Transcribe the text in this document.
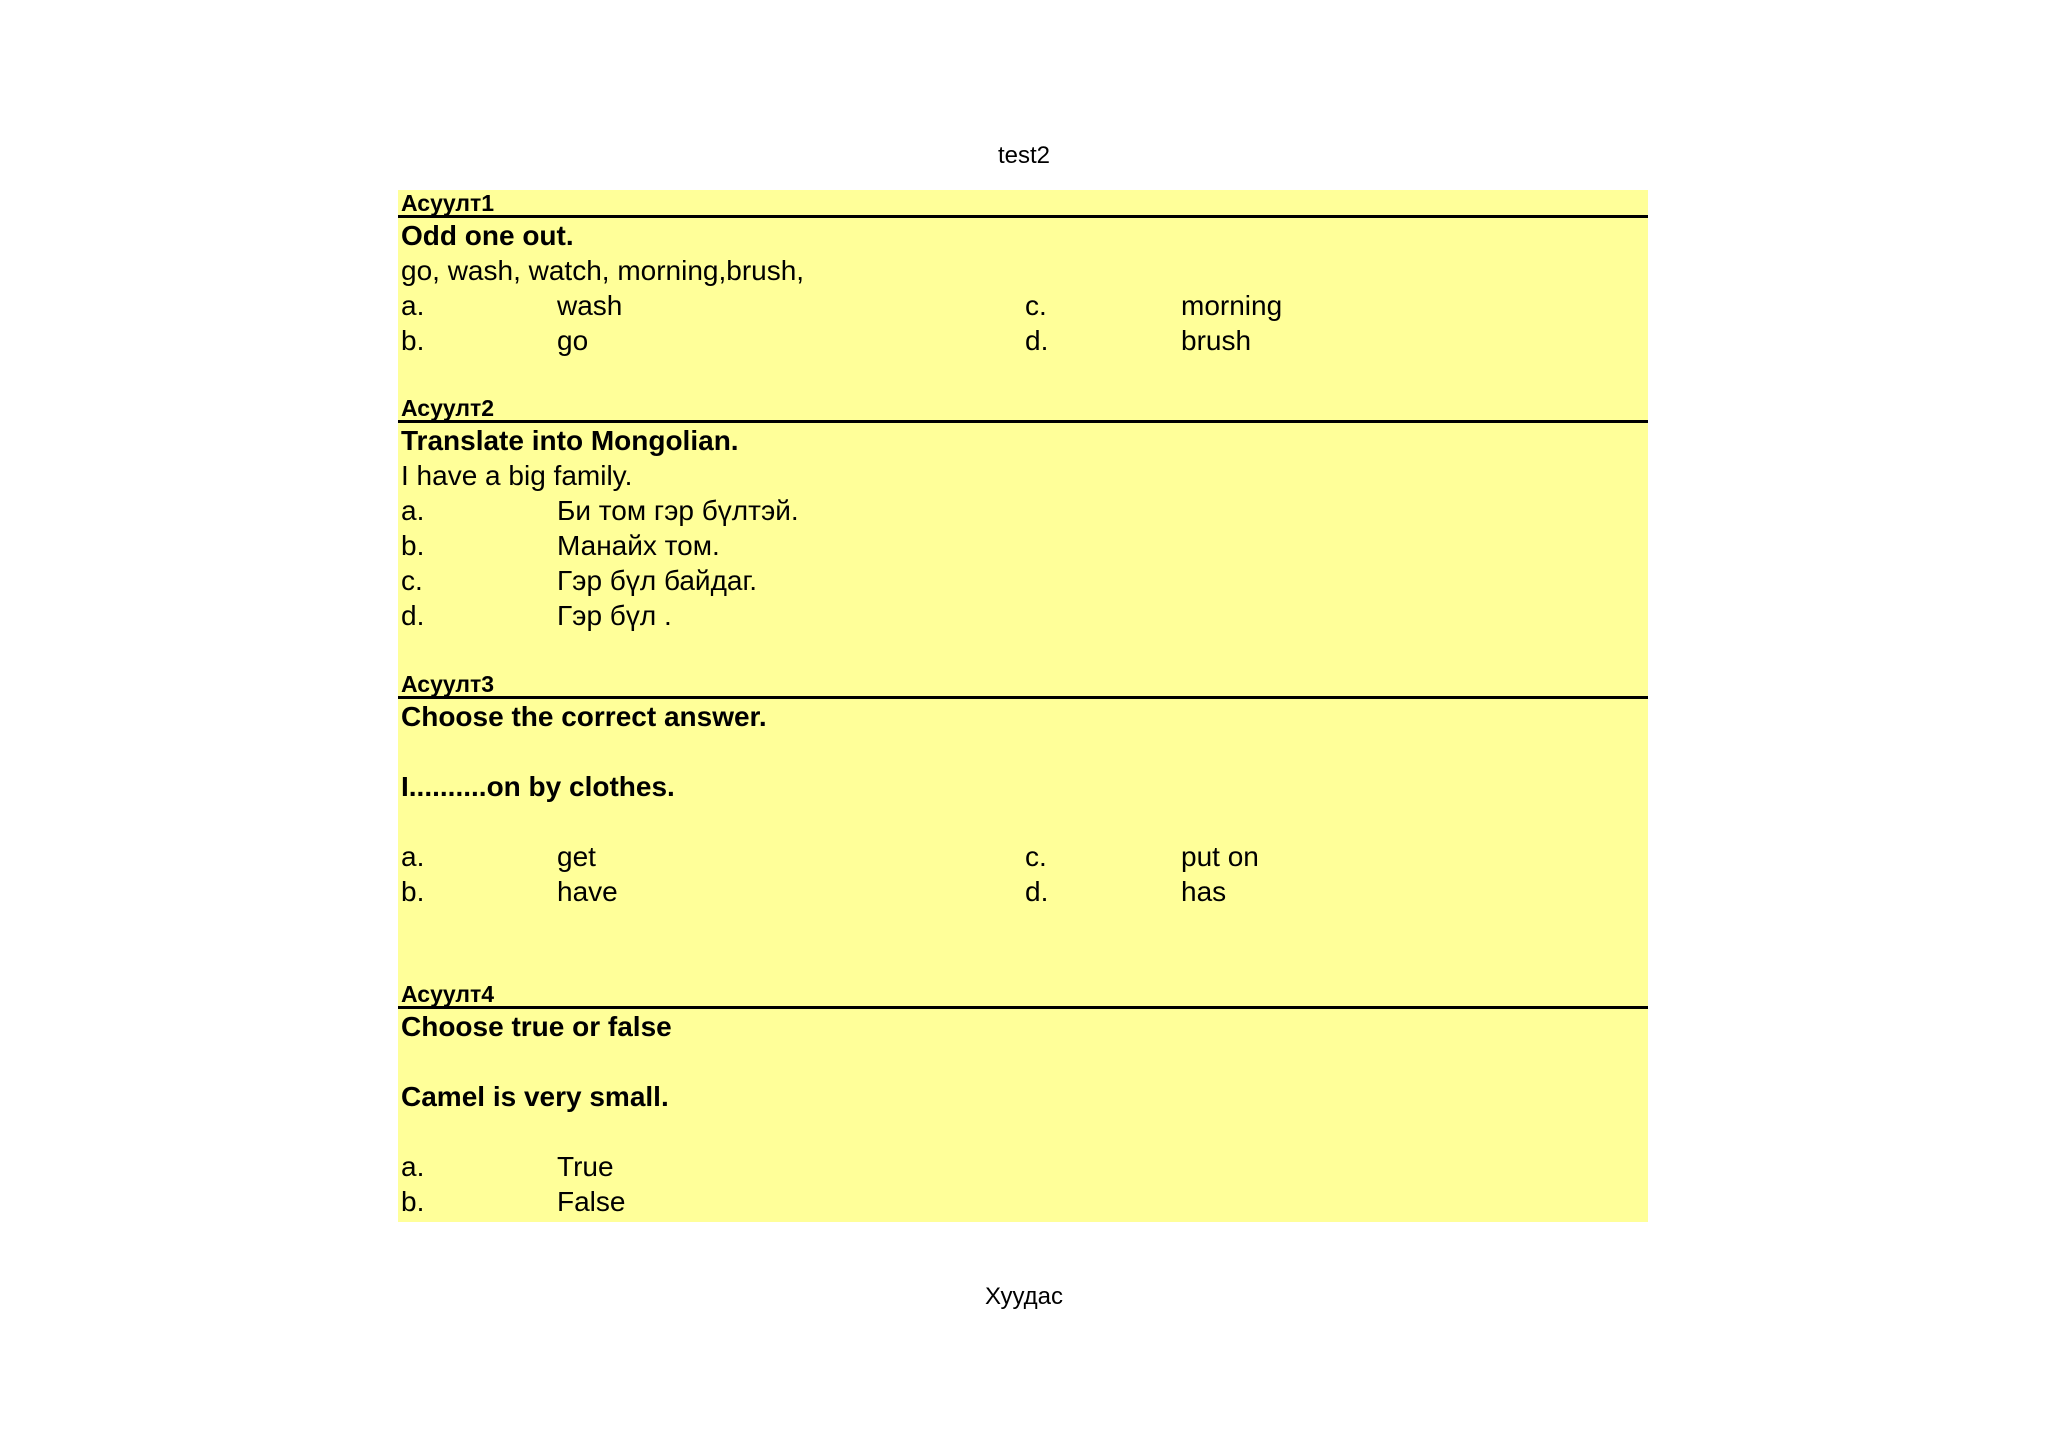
test2
Асуулт1
Odd one out.
go, wash, watch, morning,brush,
a.	wash	c.	morning
b.	go	d.	brush
Асуулт2
Translate into Mongolian.
I have a big family.
a.	Би том гэр бүлтэй.
b.	Манайх том.
c.	Гэр бүл байдаг.
d.	Гэр бүл .
Асуулт3
Choose the correct answer.
I..........on by clothes.
a.	get	c.	put on
b.	have	d.	has
Асуулт4
Choose true or false
Camel is very small.
a.	True
b.	False
Хуудас
